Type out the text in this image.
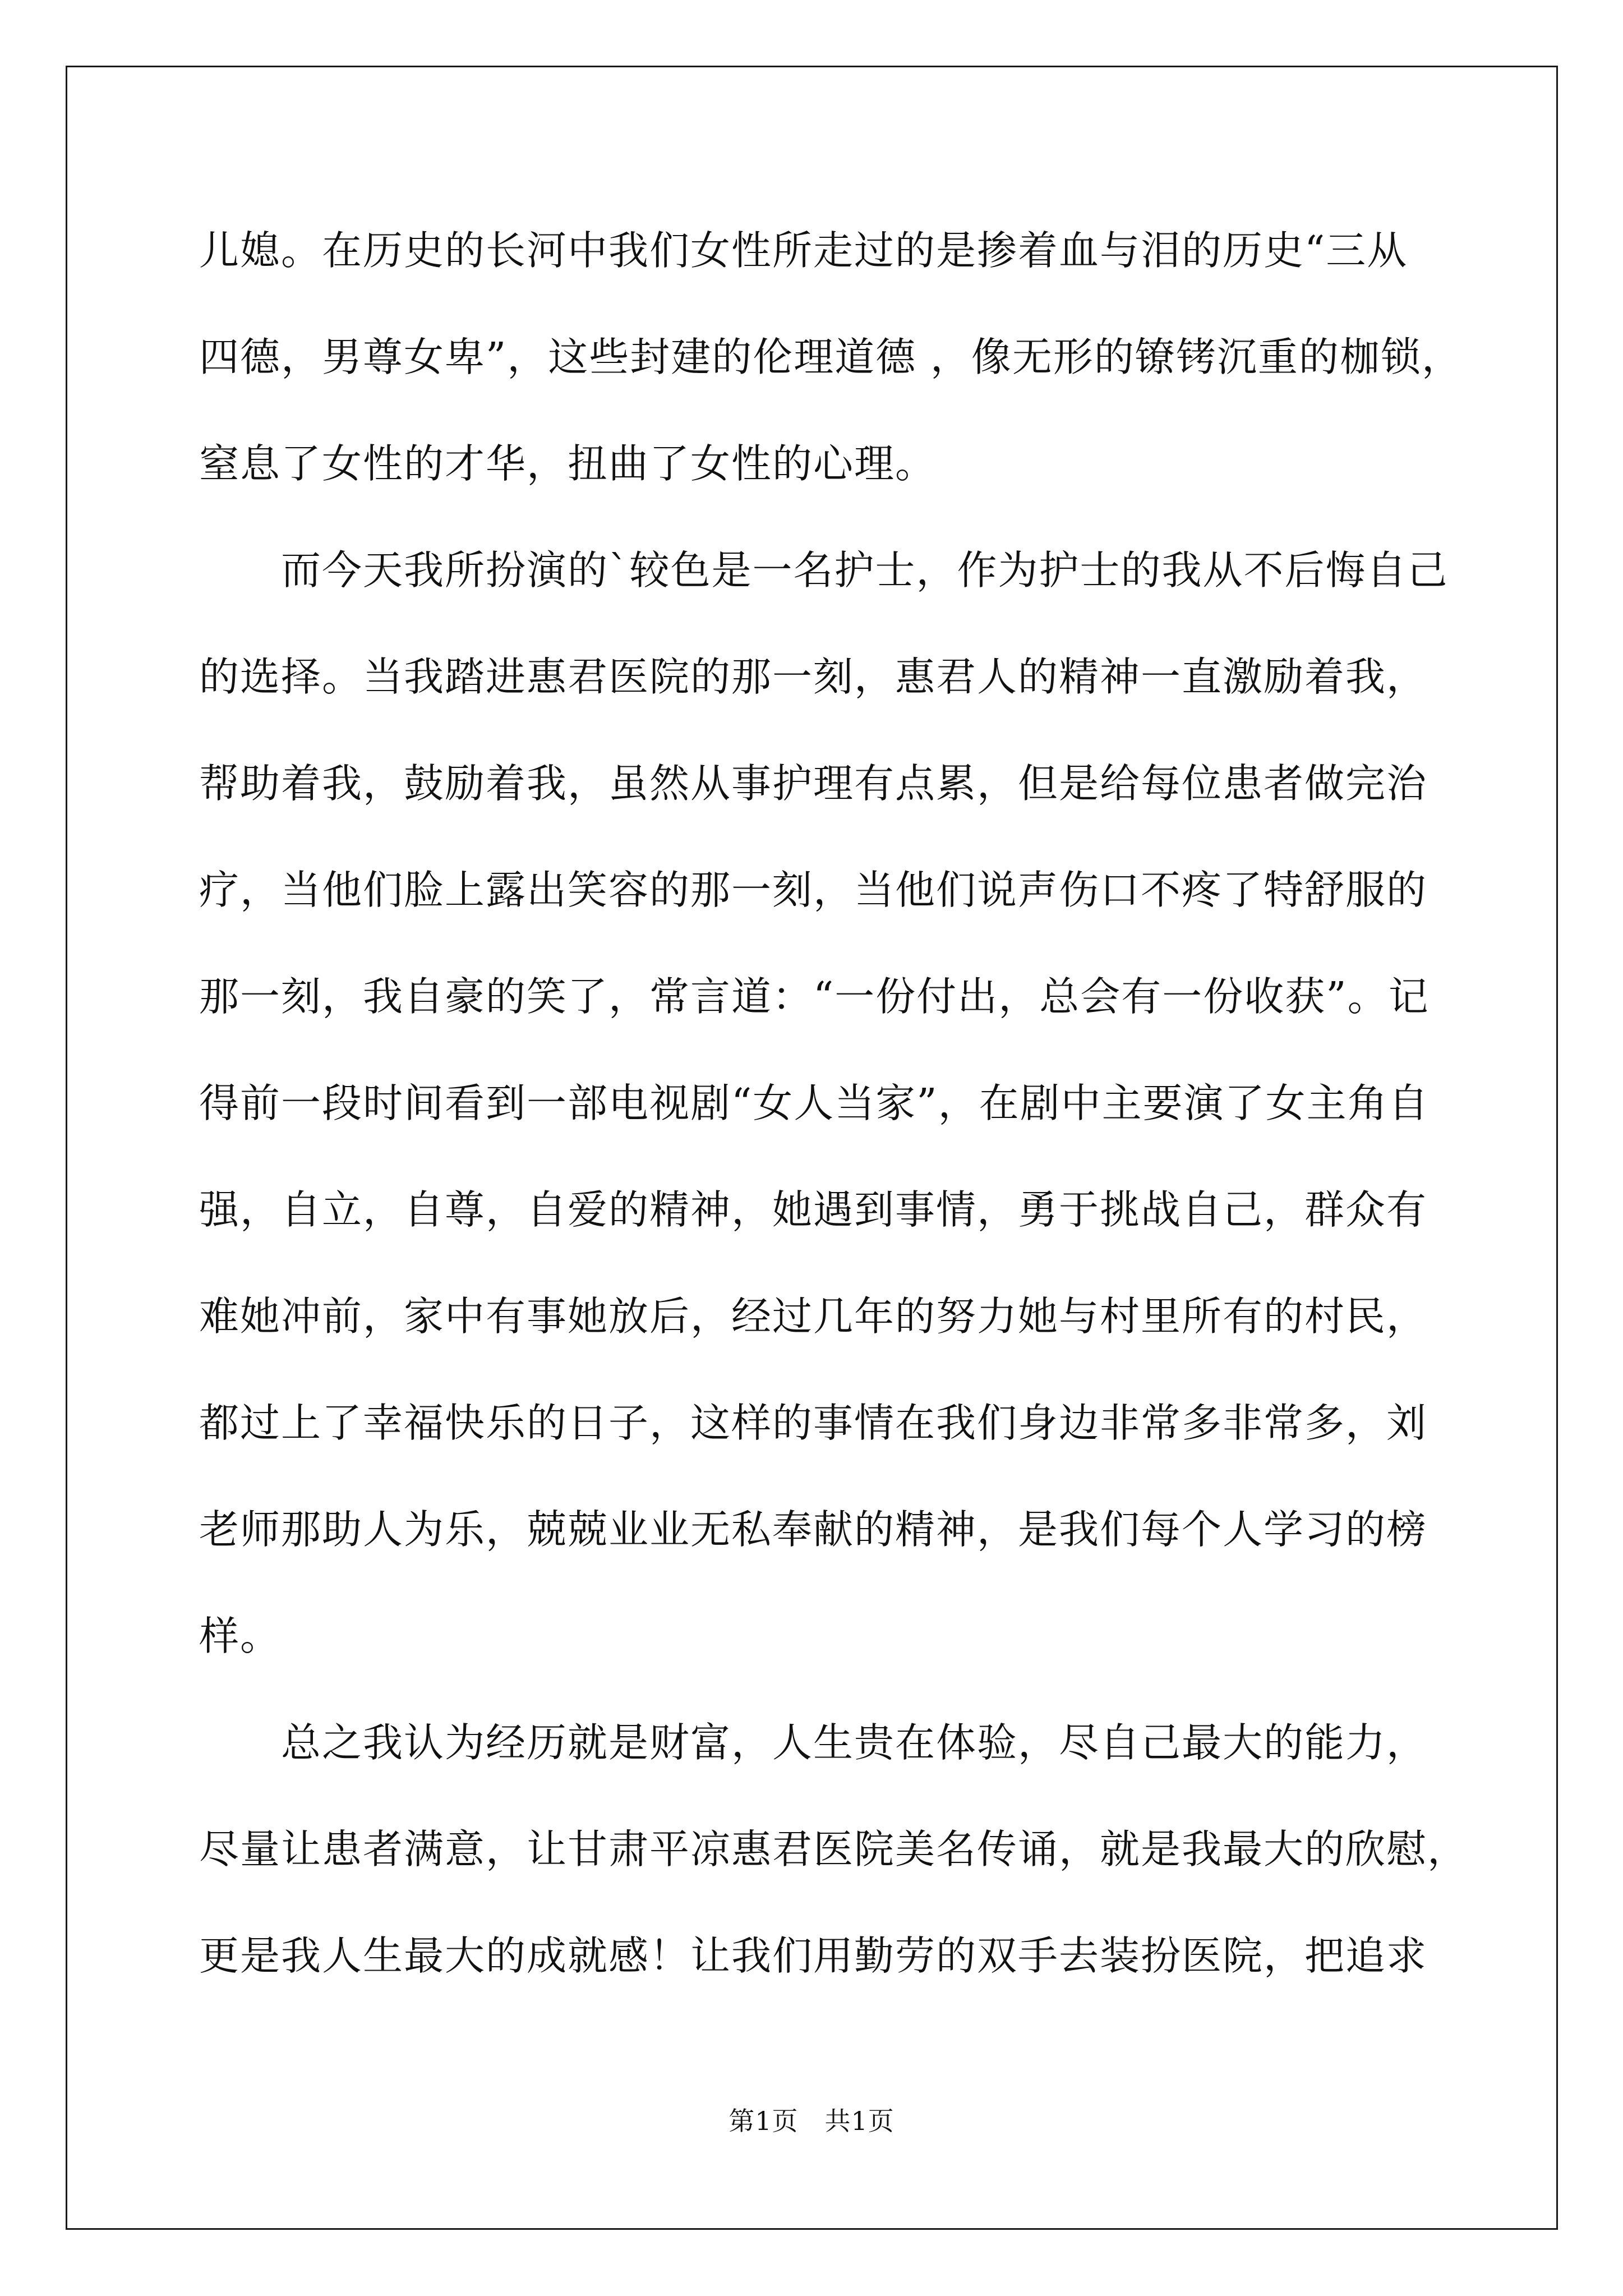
儿媳。在历史的长河中我们女性所走过的是掺着血与泪的历史“三从
四德，男尊女卑”，这些封建的伦理道德 ，像无形的镣铐沉重的枷锁，
窒息了女性的才华，扭曲了女性的心理。
而今天我所扮演的`较色是一名护士，作为护士的我从不后悔自己
的选择。当我踏进惠君医院的那一刻，惠君人的精神一直激励着我，
帮助着我，鼓励着我，虽然从事护理有点累，但是给每位患者做完治
疗，当他们脸上露出笑容的那一刻，当他们说声伤口不疼了特舒服的
那一刻，我自豪的笑了，常言道：“一份付出，总会有一份收获”。记
得前一段时间看到一部电视剧“女人当家”，在剧中主要演了女主角自
强，自立，自尊，自爱的精神，她遇到事情，勇于挑战自己，群众有
难她冲前，家中有事她放后，经过几年的努力她与村里所有的村民，
都过上了幸福快乐的日子，这样的事情在我们身边非常多非常多，刘
老师那助人为乐，兢兢业业无私奉献的精神，是我们每个人学习的榜
样。
总之我认为经历就是财富，人生贵在体验，尽自己最大的能力，
尽量让患者满意，让甘肃平凉惠君医院美名传诵，就是我最大的欣慰，
更是我人生最大的成就感！让我们用勤劳的双手去装扮医院，把追求
第1页　共1页
